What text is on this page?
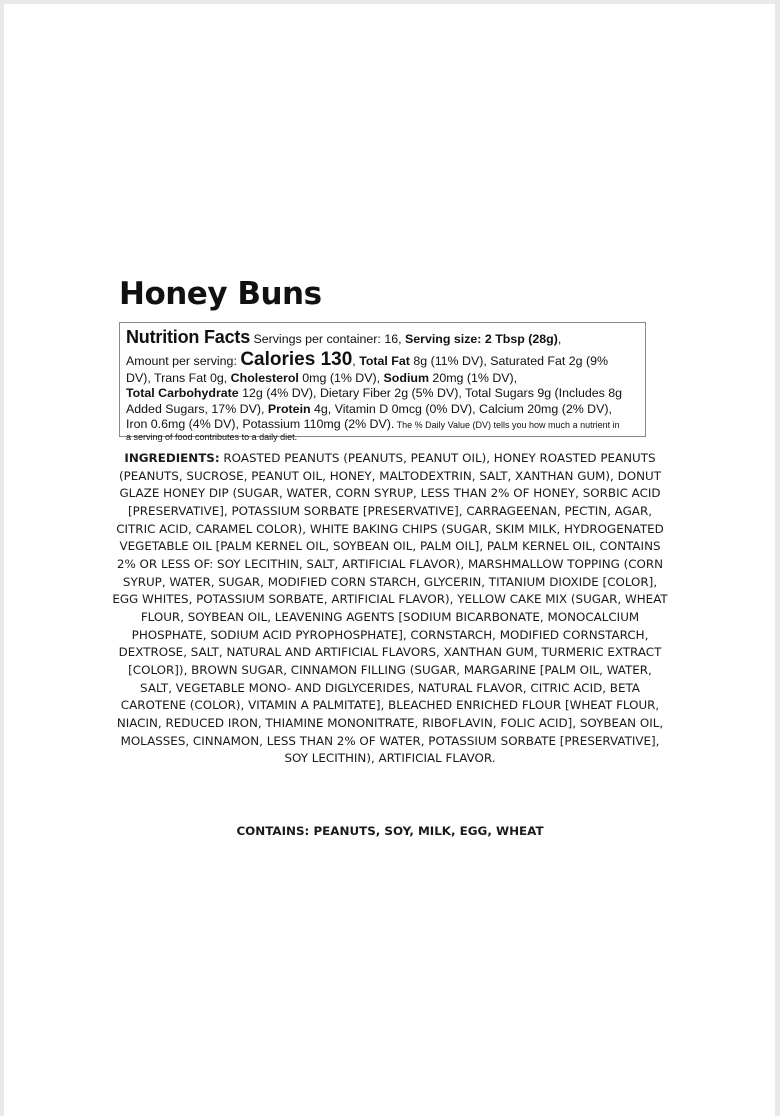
Honey Buns
Nutrition Facts Servings per container: 16, Serving size: 2 Tbsp (28g),
Amount per serving: Calories 130, Total Fat 8g (11% DV), Saturated Fat 2g (9%
DV), Trans Fat 0g, Cholesterol 0mg (1% DV), Sodium 20mg (1% DV),
Total Carbohydrate 12g (4% DV), Dietary Fiber 2g (5% DV), Total Sugars 9g (Includes 8g
Added Sugars, 17% DV), Protein 4g, Vitamin D 0mcg (0% DV), Calcium 20mg (2% DV),
Iron 0.6mg (4% DV), Potassium 110mg (2% DV). The % Daily Value (DV) tells you how much a nutrient in
a serving of food contributes to a daily diet.

INGREDIENTS: ROASTED PEANUTS (PEANUTS, PEANUT OIL), HONEY ROASTED PEANUTS (PEANUTS, SUCROSE, PEANUT OIL, HONEY, MALTODEXTRIN, SALT, XANTHAN GUM), DONUT GLAZE HONEY DIP (SUGAR, WATER, CORN SYRUP, LESS THAN 2% OF HONEY, SORBIC ACID [PRESERVATIVE], POTASSIUM SORBATE [PRESERVATIVE], CARRAGEENAN, PECTIN, AGAR, CITRIC ACID, CARAMEL COLOR), WHITE BAKING CHIPS (SUGAR, SKIM MILK, HYDROGENATED VEGETABLE OIL [PALM KERNEL OIL, SOYBEAN OIL, PALM OIL], PALM KERNEL OIL, CONTAINS 2% OR LESS OF: SOY LECITHIN, SALT, ARTIFICIAL FLAVOR), MARSHMALLOW TOPPING (CORN SYRUP, WATER, SUGAR, MODIFIED CORN STARCH, GLYCERIN, TITANIUM DIOXIDE [COLOR], EGG WHITES, POTASSIUM SORBATE, ARTIFICIAL FLAVOR), YELLOW CAKE MIX (SUGAR, WHEAT FLOUR, SOYBEAN OIL, LEAVENING AGENTS [SODIUM BICARBONATE, MONOCALCIUM PHOSPHATE, SODIUM ACID PYROPHOSPHATE], CORNSTARCH, MODIFIED CORNSTARCH, DEXTROSE, SALT, NATURAL AND ARTIFICIAL FLAVORS, XANTHAN GUM, TURMERIC EXTRACT [COLOR]), BROWN SUGAR, CINNAMON FILLING (SUGAR, MARGARINE [PALM OIL, WATER, SALT, VEGETABLE MONO- AND DIGLYCERIDES, NATURAL FLAVOR, CITRIC ACID, BETA CAROTENE (COLOR), VITAMIN A PALMITATE], BLEACHED ENRICHED FLOUR [WHEAT FLOUR, NIACIN, REDUCED IRON, THIAMINE MONONITRATE, RIBOFLAVIN, FOLIC ACID], SOYBEAN OIL, MOLASSES, CINNAMON, LESS THAN 2% OF WATER, POTASSIUM SORBATE [PRESERVATIVE], SOY LECITHIN), ARTIFICIAL FLAVOR.

CONTAINS: PEANUTS, SOY, MILK, EGG, WHEAT
